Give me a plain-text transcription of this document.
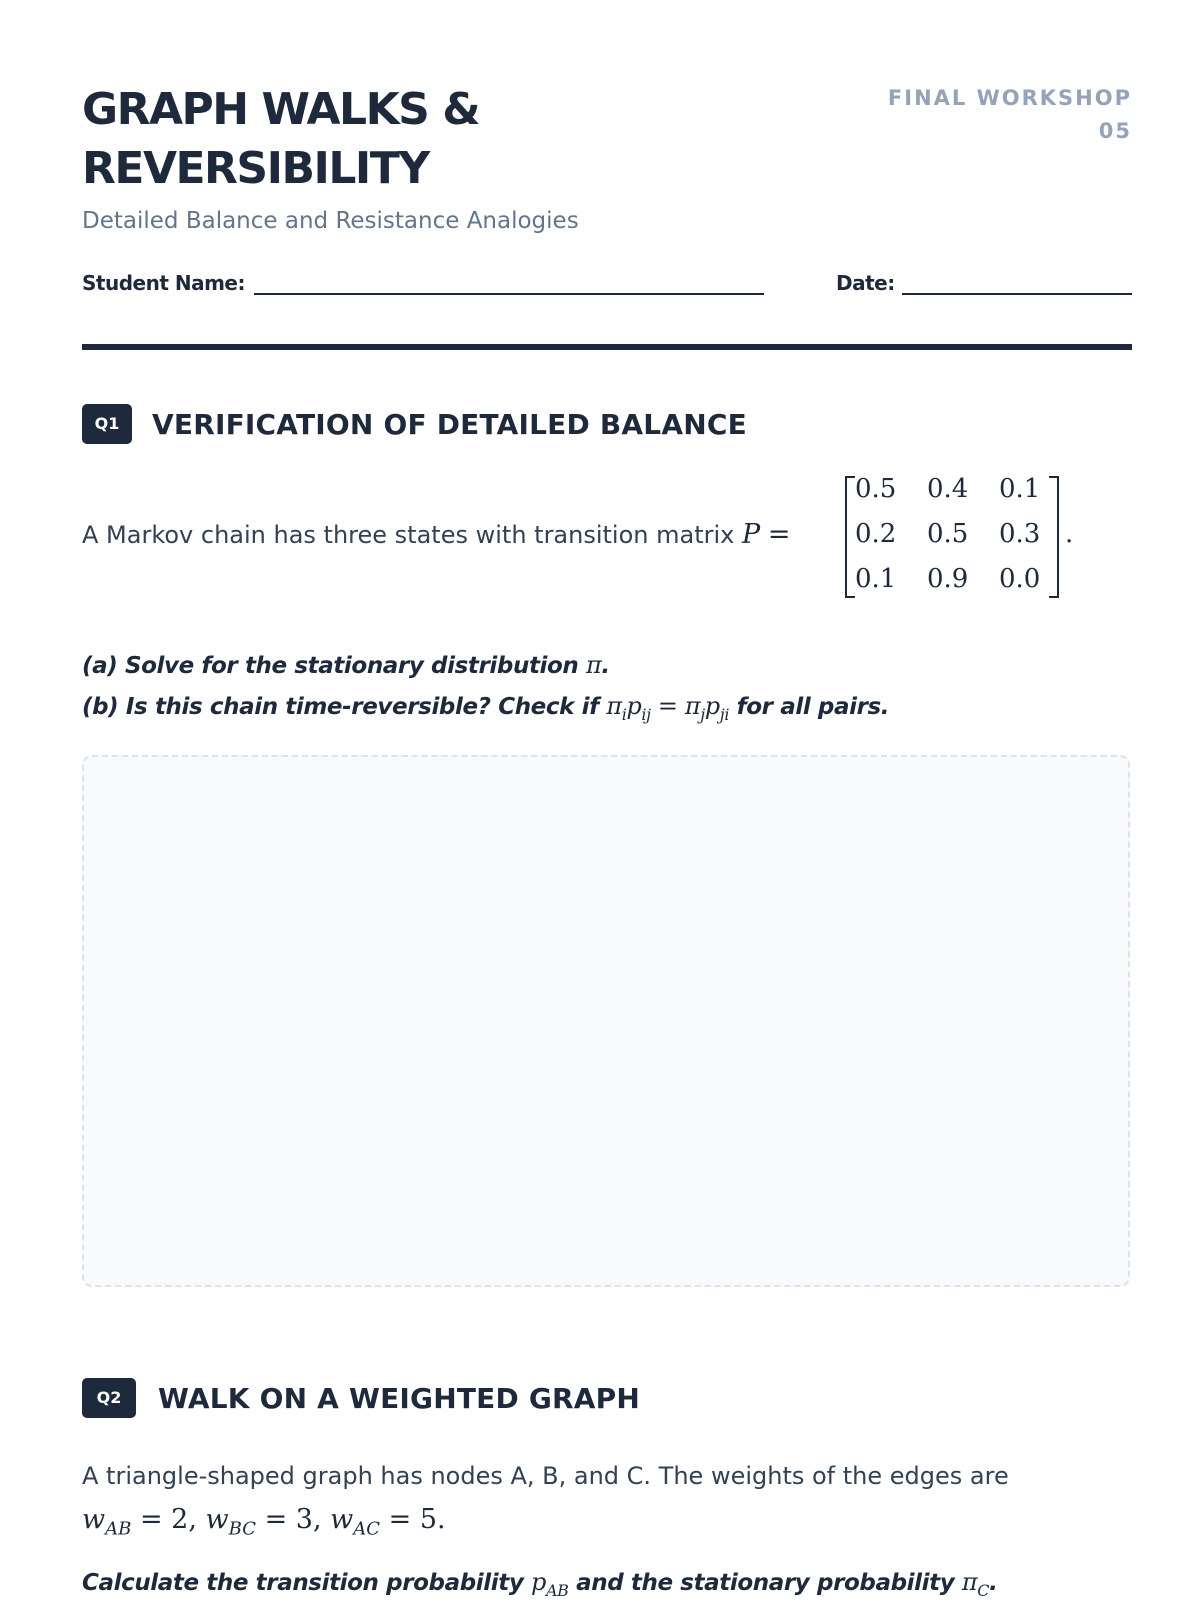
GRAPH WALKS &
REVERSIBILITY
FINAL WORKSHOP
05
Detailed Balance and Resistance Analogies
Student Name:	Date:
Q1	VERIFICATION OF DETAILED BALANCE
A Markov chain has three states with transition matrix P =
0.5 0.4 0.1
0.2 0.5 0.3
0.1 0.9 0.0
.
(a) Solve for the stationary distribution π.
(b) Is this chain time-reversible? Check if $\pi_ip_{ij} = \pi_jp_{ji}$ for all pairs.
Q2	WALK ON A WEIGHTED GRAPH
A triangle-shaped graph has nodes A, B, and C. The weights of the edges are
$w_{AB} = 2$, $w_{BC} = 3$, $w_{AC} = 5$.
Calculate the transition probability $p_{AB}$ and the stationary probability $\pi_C$.
